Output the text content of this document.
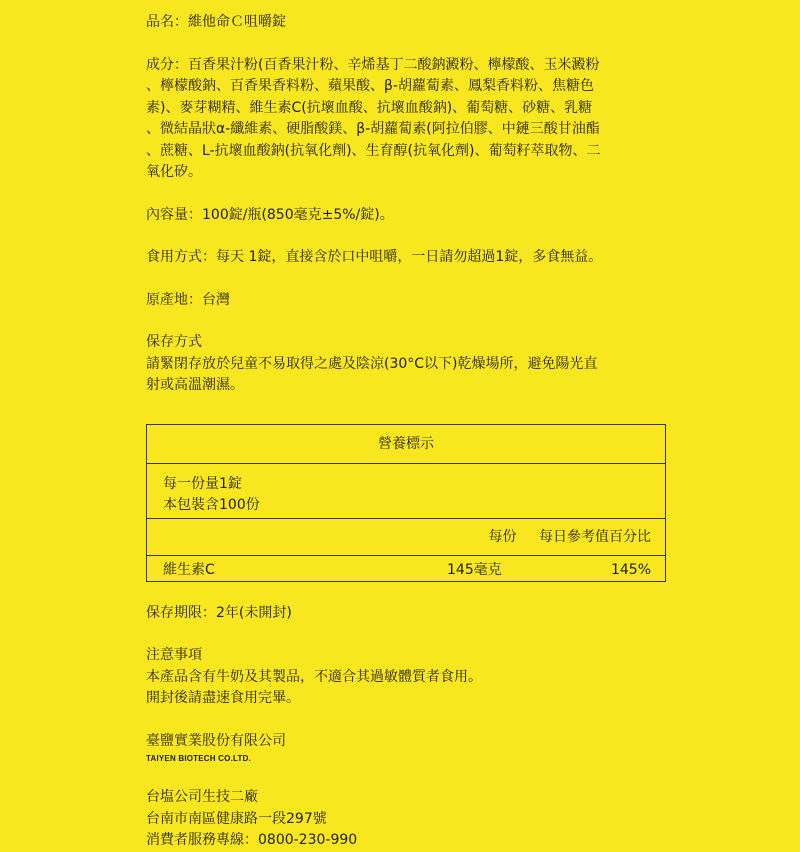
品名：維他命Ｃ咀嚼錠

成分：百香果汁粉(百香果汁粉、辛烯基丁二酸鈉澱粉、檸檬酸、玉米澱粉

、檸檬酸鈉、百香果香料粉、蘋果酸、β-胡蘿蔔素、鳳梨香料粉、焦糖色

素)、麥芽糊精、維生素C(抗壞血酸、抗壞血酸鈉)、葡萄糖、砂糖、乳糖

、微結晶狀α-纖維素、硬脂酸鎂、β-胡蘿蔔素(阿拉伯膠、中鏈三酸甘油酯

、蔗糖、L-抗壞血酸鈉(抗氧化劑)、生育醇(抗氧化劑)、葡萄籽萃取物、二

氧化矽。

內容量：100錠/瓶(850毫克±5%/錠)。

食用方式：每天 1錠，直接含於口中咀嚼，一日請勿超過1錠，多食無益。

原產地：台灣

保存方式

請緊閉存放於兒童不易取得之處及陰涼(30°C以下)乾燥場所，避免陽光直

射或高溫潮濕。

營養標示

每一份量1錠

本包裝含100份

每份 每日參考值百分比
維生素C	145毫克	145%

保存期限：2年(未開封)

注意事項

本產品含有牛奶及其製品，不適合其過敏體質者食用。

開封後請盡速食用完畢。

臺鹽實業股份有限公司

TAIYEN BIOTECH CO.LTD.

台塩公司生技二廠

台南市南區健康路一段297號

消費者服務專線：0800-230-990
